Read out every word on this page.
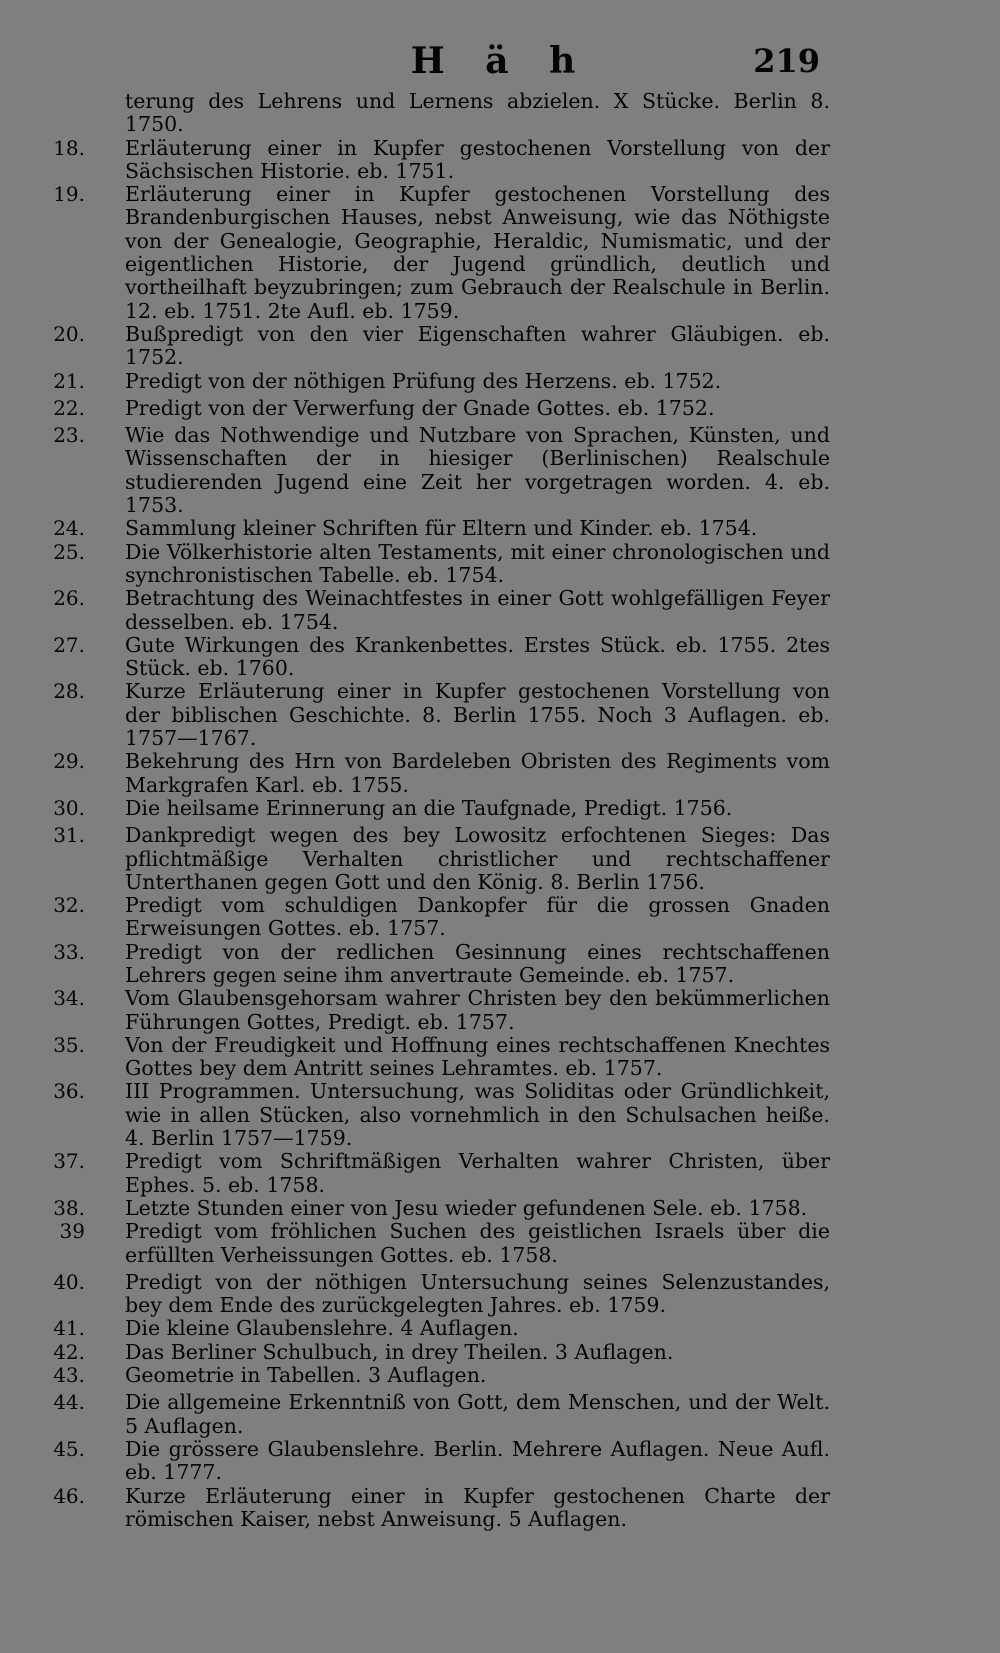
H ä h	219
terung des Lehrens und Lernens abzielen. X Stücke. Berlin 8. 1750.
18. Erläuterung einer in Kupfer gestochenen Vorstellung von der Sächsischen Historie. eb. 1751.
19. Erläuterung einer in Kupfer gestochenen Vorstellung des Brandenburgischen Hauses, nebst Anweisung, wie das Nöthigste von der Genealogie, Geographie, Heraldic, Numismatic, und der eigentlichen Historie, der Jugend gründlich, deutlich und vortheilhaft beyzubringen; zum Gebrauch der Realschule in Berlin. 12. eb. 1751. 2te Aufl. eb. 1759.
20. Bußpredigt von den vier Eigenschaften wahrer Gläubigen. eb. 1752.
21. Predigt von der nöthigen Prüfung des Herzens. eb. 1752.
22. Predigt von der Verwerfung der Gnade Gottes. eb. 1752.
23. Wie das Nothwendige und Nutzbare von Sprachen, Künsten, und Wissenschaften der in hiesiger (Berlinischen) Realschule studierenden Jugend eine Zeit her vorgetragen worden. 4. eb. 1753.
24. Sammlung kleiner Schriften für Eltern und Kinder. eb. 1754.
25. Die Völkerhistorie alten Testaments, mit einer chronologischen und synchronistischen Tabelle. eb. 1754.
26. Betrachtung des Weinachtfestes in einer Gott wohlgefälligen Feyer desselben. eb. 1754.
27. Gute Wirkungen des Krankenbettes. Erstes Stück. eb. 1755. 2tes Stück. eb. 1760.
28. Kurze Erläuterung einer in Kupfer gestochenen Vorstellung von der biblischen Geschichte. 8. Berlin 1755. Noch 3 Auflagen. eb. 1757—1767.
29. Bekehrung des Hrn von Bardeleben Obristen des Regiments vom Markgrafen Karl. eb. 1755.
30. Die heilsame Erinnerung an die Taufgnade, Predigt. 1756.
31. Dankpredigt wegen des bey Lowositz erfochtenen Sieges: Das pflichtmäßige Verhalten christlicher und rechtschaffener Unterthanen gegen Gott und den König. 8. Berlin 1756.
32. Predigt vom schuldigen Dankopfer für die grossen Gnaden Erweisungen Gottes. eb. 1757.
33. Predigt von der redlichen Gesinnung eines rechtschaffenen Lehrers gegen seine ihm anvertraute Gemeinde. eb. 1757.
34. Vom Glaubensgehorsam wahrer Christen bey den bekümmerlichen Führungen Gottes, Predigt. eb. 1757.
35. Von der Freudigkeit und Hoffnung eines rechtschaffenen Knechtes Gottes bey dem Antritt seines Lehramtes. eb. 1757.
36. III Programmen. Untersuchung, was Soliditas oder Gründlichkeit, wie in allen Stücken, also vornehmlich in den Schulsachen heiße. 4. Berlin 1757—1759.
37. Predigt vom Schriftmäßigen Verhalten wahrer Christen, über Ephes. 5. eb. 1758.
38. Letzte Stunden einer von Jesu wieder gefundenen Sele. eb. 1758.
39 Predigt vom fröhlichen Suchen des geistlichen Israels über die erfüllten Verheissungen Gottes. eb. 1758.
40. Predigt von der nöthigen Untersuchung seines Selenzustandes, bey dem Ende des zurückgelegten Jahres. eb. 1759.
41. Die kleine Glaubenslehre. 4 Auflagen.
42. Das Berliner Schulbuch, in drey Theilen. 3 Auflagen.
43. Geometrie in Tabellen. 3 Auflagen.
44. Die allgemeine Erkenntniß von Gott, dem Menschen, und der Welt. 5 Auflagen.
45. Die grössere Glaubenslehre. Berlin. Mehrere Auflagen. Neue Aufl. eb. 1777.
46. Kurze Erläuterung einer in Kupfer gestochenen Charte der römischen Kaiser, nebst Anweisung. 5 Auflagen.
